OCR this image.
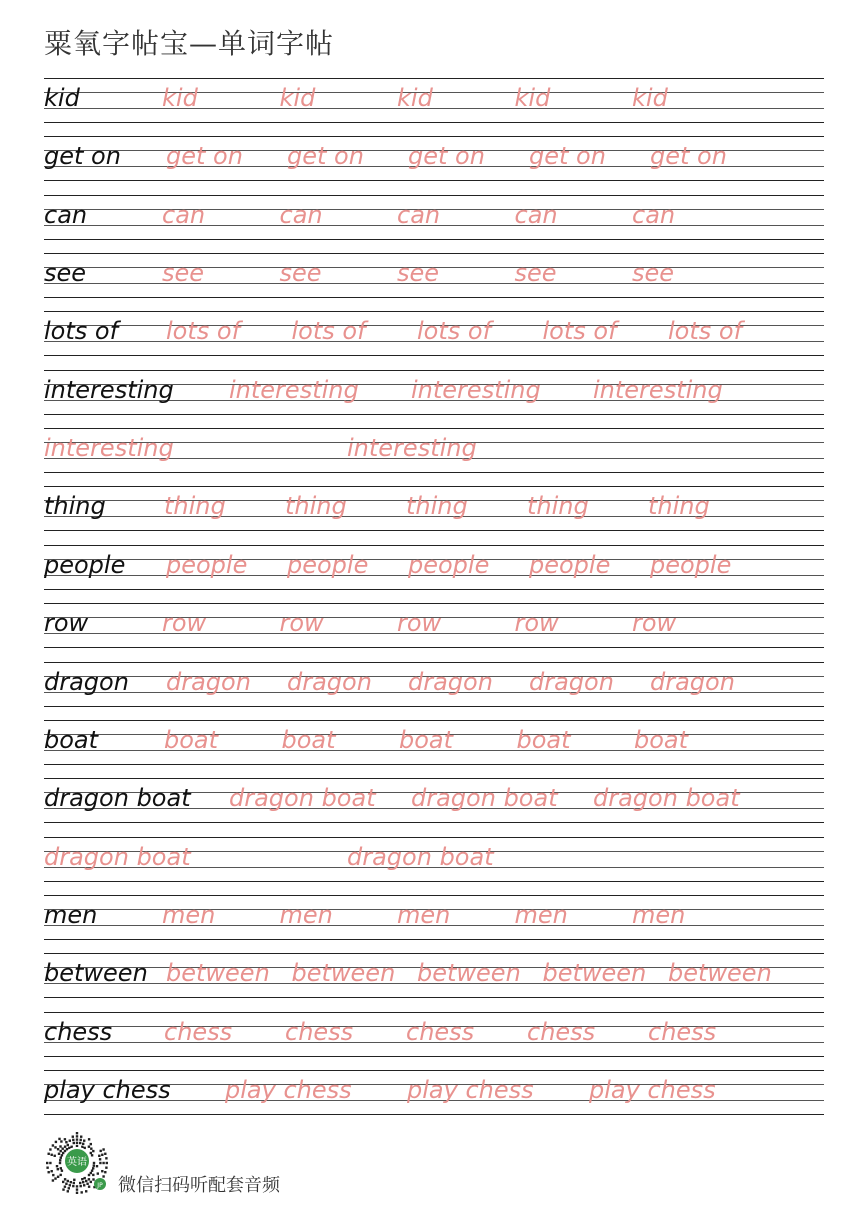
粟氧字帖宝—单词字帖
kid	kid	kid	kid	kid	kid
get on get on get on get on get on get on
can	can	can	can	can	can
see	see	see	see	see	see
lots of lots of lots of lots of lots of lots of
interesting interesting interesting interesting
interesting	interesting
thing thing thing thing thing thing
people people people people people people
row	row	row	row	row	row
dragon dragon dragon dragon dragon dragon
boat	boat	boat	boat	boat	boat
dragon boat dragon boat dragon boat dragon boat
dragon boat	dragon boat
men	men	men	men	men	men
between between between between between between
chess chess chess chess chess chess
play chess play chess play chess play chess
英语
JP 微信扫码听配套音频
